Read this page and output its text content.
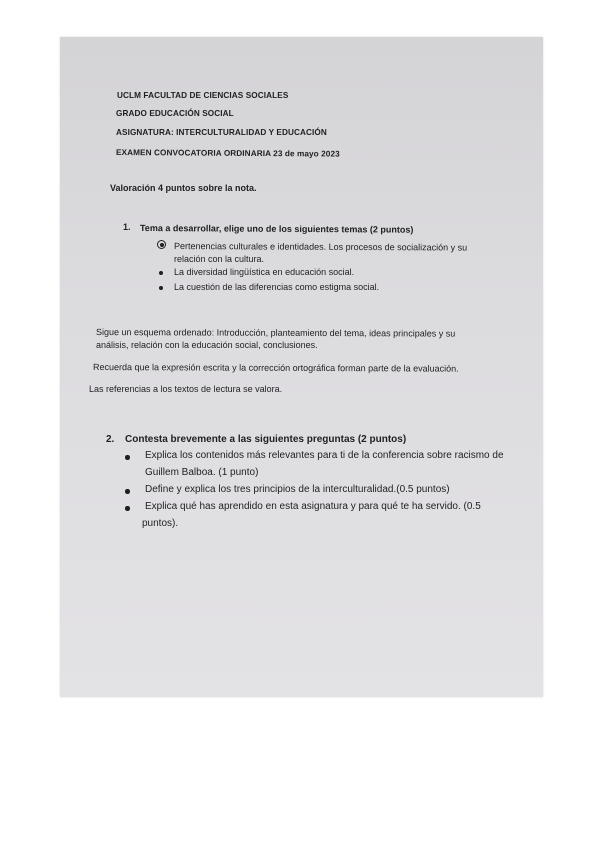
UCLM FACULTAD DE CIENCIAS SOCIALES
GRADO EDUCACIÓN SOCIAL
ASIGNATURA: INTERCULTURALIDAD Y EDUCACIÓN
EXAMEN CONVOCATORIA ORDINARIA 23 de mayo 2023
Valoración 4 puntos sobre la nota.
1. Tema a desarrollar, elige uno de los siguientes temas (2 puntos)
Pertenencias culturales e identidades. Los procesos de socialización y su
relación con la cultura.
La diversidad lingüística en educación social.
La cuestión de las diferencias como estigma social.
Sigue un esquema ordenado: Introducción, planteamiento del tema, ideas principales y su
análisis, relación con la educación social, conclusiones.
Recuerda que la expresión escrita y la corrección ortográfica forman parte de la evaluación.
Las referencias a los textos de lectura se valora.
2. Contesta brevemente a las siguientes preguntas (2 puntos)
Explica los contenidos más relevantes para ti de la conferencia sobre racismo de
Guillem Balboa. (1 punto)
Define y explica los tres principios de la interculturalidad.(0.5 puntos)
Explica qué has aprendido en esta asignatura y para qué te ha servido. (0.5
puntos).
